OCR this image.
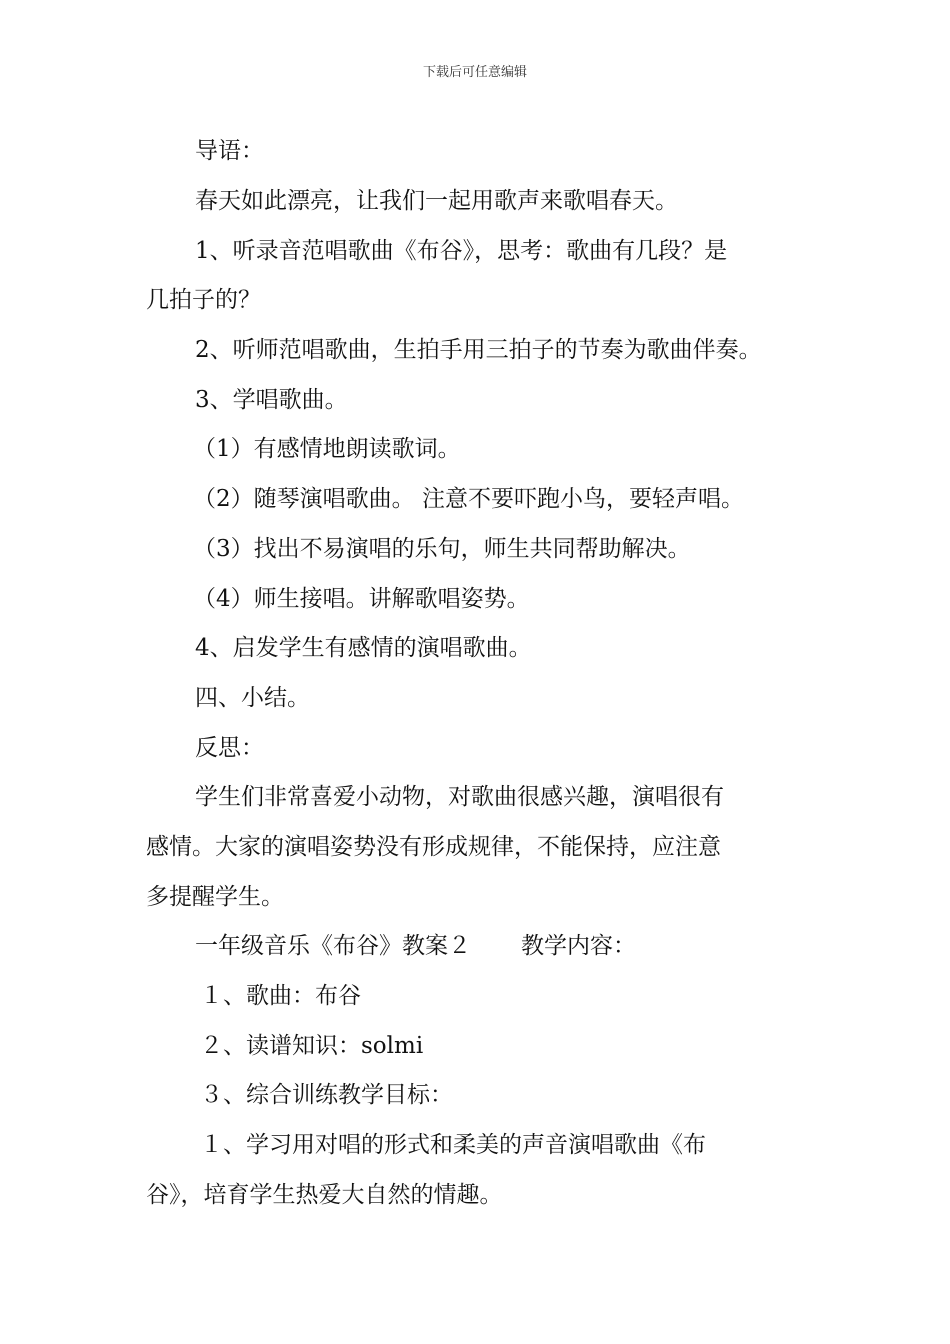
下载后可任意编辑
导语：
春天如此漂亮，让我们一起用歌声来歌唱春天。
1、听录音范唱歌曲《布谷》，思考：歌曲有几段？是
几拍子的？
2、听师范唱歌曲，生拍手用三拍子的节奏为歌曲伴奏。
3、学唱歌曲。
（1）有感情地朗读歌词。
（2）随琴演唱歌曲。 注意不要吓跑小鸟，要轻声唱。
（3）找出不易演唱的乐句，师生共同帮助解决。
（4）师生接唱。讲解歌唱姿势。
4、启发学生有感情的演唱歌曲。
四、小结。
反思：
学生们非常喜爱小动物，对歌曲很感兴趣，演唱很有
感情。大家的演唱姿势没有形成规律，不能保持，应注意
多提醒学生。
一年级音乐《布谷》教案２ 教学内容：
１、歌曲：布谷
２、读谱知识：solmi
３、综合训练教学目标：
１、学习用对唱的形式和柔美的声音演唱歌曲《布
谷》，培育学生热爱大自然的情趣。
